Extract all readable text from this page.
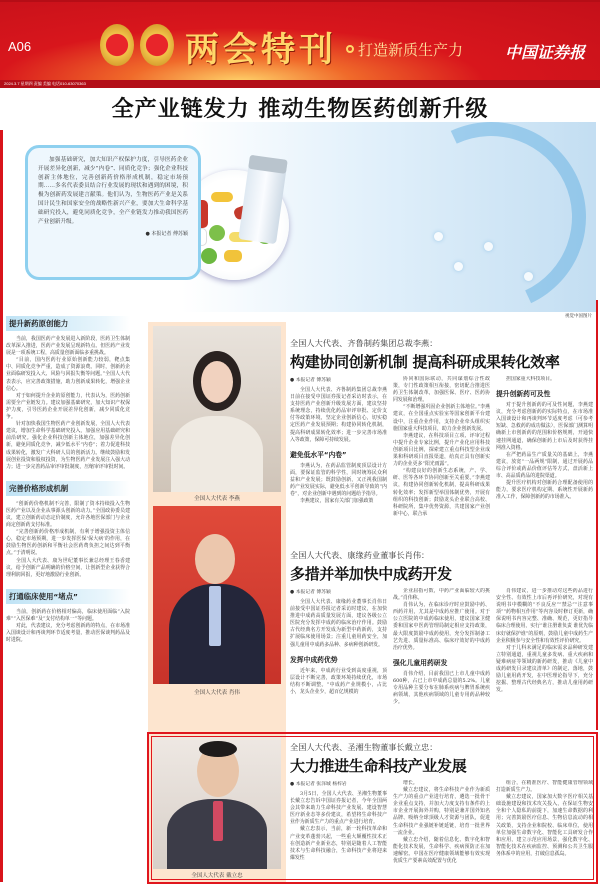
A06	两会特刊 打造新质生产力	中国证券报
2024.3.7 星期四 责编 美编 电话010-63070363
全产业链发力 推动生物医药创新升级

加强基础研究，加大知识产权保护力度，引导医药企业开展差异化创新，减少“内卷”、同质化竞争；强化企业科技创新主体地位，完善创新药价格形成机制，稳定市场预期……多名代表委员结合行业发展的现状和遇到的困境，积极为创新药发展建言献策。他们认为，生物医药产业是关系国计民生和国家安全的战略性新兴产业，要加大生命科学基础研究投入，避免同质化竞争，全产业链发力推动我国医药产业创新升级。

● 本报记者 傅苏颖

视觉中国图片
提升新药原创能力

当前，我国医药产业发展进入新阶段，医药卫生体制改革深入推进，医药产业发展呈现新特点。但医药产业发展是一项系统工程，高质量创新面临多重挑战。

“目前，国内医药行业原始创新能力较弱，靶点集中、同质化竞争严重，造成了资源浪费。同时，创新药企业面临研发投入大、风险与回报失衡等问题。”全国人大代表表示，应完善政策措施，助力创新成果转化，增强企业信心。

对于如何提升企业的原创能力，代表认为，医药创新需要全产业链发力。建议加强基础研究，加大知识产权保护力度，引导医药企业开展差异化创新，减少同质化竞争。

针对加快我国生物医药产业创新发展，全国人大代表建议，增加生命科学基础研究投入，加强应用基础研究和前沿研究。强化企业科技创新主体地位，加强差异化创新，避免同质化竞争，减少低水平“内卷”；着力促进科技成果转化，激发广大科研人员的创新活力。继续鼓励和发展创业投资和股权投资，为生物医药产业发展注入强大动力；进一步完善药品审评审批制度，压缩审评审批时间。

完善价格形成机制

“创新药价格机制不完善，限制了资本持续投入生物医药产业以及企业从事源头创新的动力。”全国政协委员建议，建立创新药动态定价制度，允许各地医保部门与企业商定创新药支付标准。

“完善创新药价格形成机制，有利于增强投资主体信心，稳定市场预期，进一步发挥医保‘保大病’的作用，在鼓励生物医药创新和平衡社会医药费负担之间达到平衡点。”于清明说。

全国人大代表、康为世纪董事长兼总经理王春香建议，给予创新产品明确的价格空间，让创新型企业获得合理利润回报，更好地激励行业创新。

打通临床使用“堵点”

当前，创新药在价格相对偏高，临床使用面临“入院难”“入医保难”及“支付结构单一”等问题。

对此，代表建议，充分考虑创新药的特点，在市场准入国谈设计和再谈判环节适度考量，推动医保谈判药品及时进院。

全国人大代表 李燕
全国人大代表 肖伟
全国人大代表 戴立忠
全国人大代表、齐鲁制药集团总裁李燕：
构建协同创新机制 提高科研成果转化效率
● 本报记者 傅苏颖

全国人大代表、齐鲁制药集团总裁李燕日前在接受中国证券报记者采访时表示，在支持医药产业创新升级发展方面，建议坚持系统理念，持续优化药品审评审批、定价支付等政策环境，坚定企业创新信心，切实稳定医药产业发展预期；构建协同转化机制，提高科研成果转化效率；进一步完善市场准入等政策，保障可持续发展。

避免低水平“内卷”

李燕认为，在药品监管制度顶层设计方面，要保证监管的科学性，同时统筹民众利益和产业发展；既鼓励创新，又正视我国制药产业发展实际，避免低水平创新导致的“内卷”，对企业创新中遇到的问题给予指导。

李燕建议，国家有关部门加强政策

协同和国际联动，共同谋划综合性政策，专门性政策相互衔接，密切配合推进医药卫生体制改革，加强医保、医疗、医药协同发展和治理。

“不断增强巩固企业创新主体地位。”李燕建议，在全国重点实验室等国家创新平台建设中，注重企业作用，支持企业牵头组织实施国家重大科技项目，助力企业创新发展。

李燕建议，在科技项目立项、评审过程中提升企业专家比例，提升产业化应用科技创新项目比例，探索建立重点科技型企业成果和科研项目直报渠道，给真正具有创新实力的企业更多“阳光雨露”。

“构建良好的创新生态系统，产、学、研、医等各环节协同创新至关重要。”李燕建议，构建协同创新转化机制，提高科研成果转化效率；发挥新型举国体制优势，开展有组织的科技创新；鼓励龙头企业联合高校、科研院所，集中优势资源，共建国家产业创新中心，联合承

担国家重大科技项目。

提升创新药可及性

对于提升创新药的可及性问题，李燕建议，充分考虑创新药的实际特点，在市场准入国谈设计和再谈判环节适度考虑（可参考短缺、急救药的成功做法），医保部门测算明确新上市创新药的范围和价格规则，开通快速挂网通道，确保创新药上市后及时获得挂网准入资格。

在严把药品生产质量关的基础上，李燕建议，放宽“一品两规”限制，通过开展药品综合评价或药品价值评估等方式，盘活新上市、高品质药品的进院渠道。

提升医疗机构对创新药合理配备使用的能力，要求医疗机构定期、系统性开展新药准入工作，保障创新药的市场准入。

全国人大代表、康缘药业董事长肖伟：
多措并举加快中成药开发
● 本报记者 傅苏颖

全国人大代表、康缘药业董事长肖伟日前接受中国证券报记者采访时建议，在加快推进中成药高质量发展方面，建议各级公立医院充分发挥中成药的临床治疗作用。鼓励古代经典名方开发成为新型中药新药，支持扩展临床使用场景；注重儿童用药安全，加强儿童用中成药多品种、多病种创新研发。

发挥中成药优势

近年来，中成药行业受到高度重视，顶层设计不断完善，政策环境持续优化，市场结构不断调整。“中成药产业规模小，占比小，龙头企业少，超百亿规模的

企业屈指可数，中药产业面临较大的挑战。”肖伟称。

肖伟认为，在临床诊疗时应鼓励中药、西药并用，尤其是中成药应推广使用。对于公立医院的中成药临床使用，建议国家卫健委和国家中医药管理局制定相应支持政策，最大限度鼓励中成药使用，充分发挥制备工艺先进、质量标准高、临床疗效好的中成药治疗优势。

强化儿童用药研发

肖伟介绍，目前我国已上市儿童中成药600种，占已上市中成药总量的5.2%。儿童专用品种主要分布在肺系疾病与脾胃系统疾病领域，其他疾病领域的儿童专用药品种较少。

肖伟建议，进一步推动对这些药品进行安全性、有效性上市后再评价研究，对现有说明书中模糊的“不良反应”“禁忌”“注意事项”“药物相互作用”等内容及时修订更新，确保说明书内容完整、准确、规范，更好指导临床合理使用，实行“谁注册谁负责 谁优先临床好就保护谁”的原则，鼓励儿童中成药生产企业积极参与安全性和有效性评价研究。

对于儿科未满足的临床需求品种研发建立特别通道，重视儿童多发病、重大疾病和疑难病症等领域的新药研发，推动《儿童中成药研发目录建议清单》的制定、落地，鼓励儿童用药开发，在中医理论指导下，充分挖掘、整理古代经典名方，推动儿童用药研发。

全国人大代表、圣湘生物董事长戴立忠：
大力推进生命科技产业发展
● 本报记者 张泽城 杨梓岩

3月5日，全国人大代表、圣湘生物董事长戴立忠告诉中国证券报记者，今年全国两会其带来助力生命科技产业发展、建设智慧医疗新业态等多份建议，希望将生命科技产业作为新质生产力的重点产业进行培育。

戴立忠表示，当前，新一轮科技革命和产业变革蓬勃兴起，一些重大颠覆性技术正在创造新产业新业态，特别是随着人工智能技术与生命科技融合，生命科技产业将迎来爆发性

增长。

戴立忠建议，将生命科技产业作为新质生产力的重点产业进行培育，遴选一批骨干企业重点支持，并加大力度支持有条件的上市企业开展海外并购，特别是兼并国外知名品牌、吸纳全球顶级人才资源与团队，促进生命科技产业强链补链延链，培育一批世界一流企业。

戴立忠介绍，随着信息化、数字化和智能化技术发展，生命科学、疾病预防正在加速解密。中国在医疗健康领域能够有效实现优质生产要素高效配置与优化

组合，在精准医疗、智能健康管理领域打造新质生产力。

戴立忠建议，国家加大数字医疗相关基础设施建设和技术攻关投入，在保证生物安全和个人隐私的前提下，加速生命数据的利用；完善鼓励医疗信息、生物信息流动的相关政策，支持企业和院校、临床单位，使用单位加强生命数字化、智能化工具研发合作和应用，建立示范应用场景，强化数字化、智能化技术在疾病监控、预测和公共卫生服务体系中的应用，打破信息孤岛。
